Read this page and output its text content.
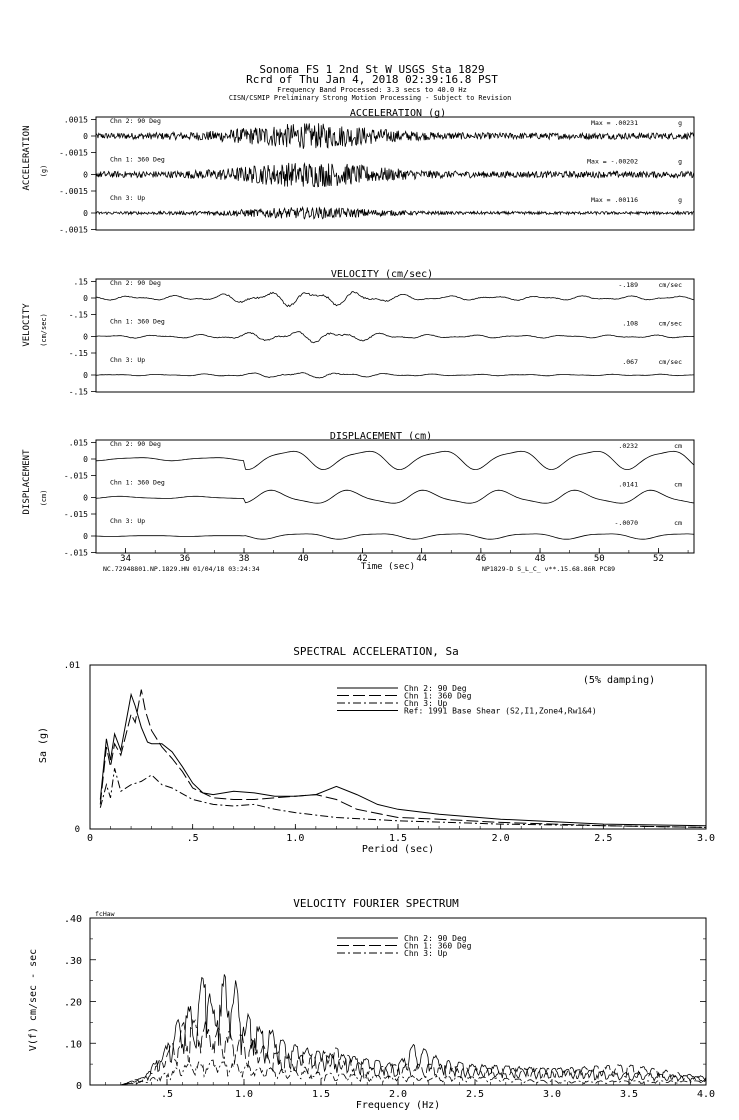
Sonoma FS 1 2nd St W USGS Sta 1829
Rcrd of Thu Jan 4, 2018 02:39:16.8 PST
Frequency Band Processed: 3.3 secs to 40.0 Hz
CISN/CSMIP Preliminary Strong Motion Processing - Subject to Revision
ACCELERATION (g)
ACCELERATION (g)
Chn 2: 90 Deg	Max = .00231	g
.0015
0
-.0015
Chn 1: 360 Deg	Max = -.00202	g
0
-.0015
Chn 3: Up	Max = .00116	g
0
-.0015
VELOCITY (cm/sec)
VELOCITY (cm/sec)
Chn 2: 90 Deg	-.189	cm/sec
.15
0
-.15
Chn 1: 360 Deg	.108	cm/sec
0
-.15
Chn 3: Up	.067	cm/sec
0
-.15
DISPLACEMENT (cm)
DISPLACEMENT (cm)
Chn 2: 90 Deg	.0232	cm
.015
0
-.015
Chn 1: 360 Deg	.0141	cm
0
-.015
Chn 3: Up	-.0070	cm
0
-.015
34	36	38	40	42	44	46	48	50	52
Time (sec)
NC.72948801.NP.1829.HN 01/04/18 03:24:34	NP1829-D S_L_C_ v**.15.68.86R PC89
SPECTRAL ACCELERATION, Sa
(5% damping)
Sa (g)
.01
0
Period (sec)
0	.5	1.0	1.5	2.0	2.5	3.0
Chn 2: 90 Deg
Chn 1: 360 Deg
Chn 3: Up
Ref: 1991 Base Shear (S2,I1,Zone4,Rw1&4)
VELOCITY FOURIER SPECTRUM
fcHaw
V(f) cm/sec - sec
Frequency (Hz)
.40
.30
.20
.10
0
.5	1.0	1.5	2.0	2.5	3.0	3.5	4.0
Chn 2: 90 Deg
Chn 1: 360 Deg
Chn 3: Up
